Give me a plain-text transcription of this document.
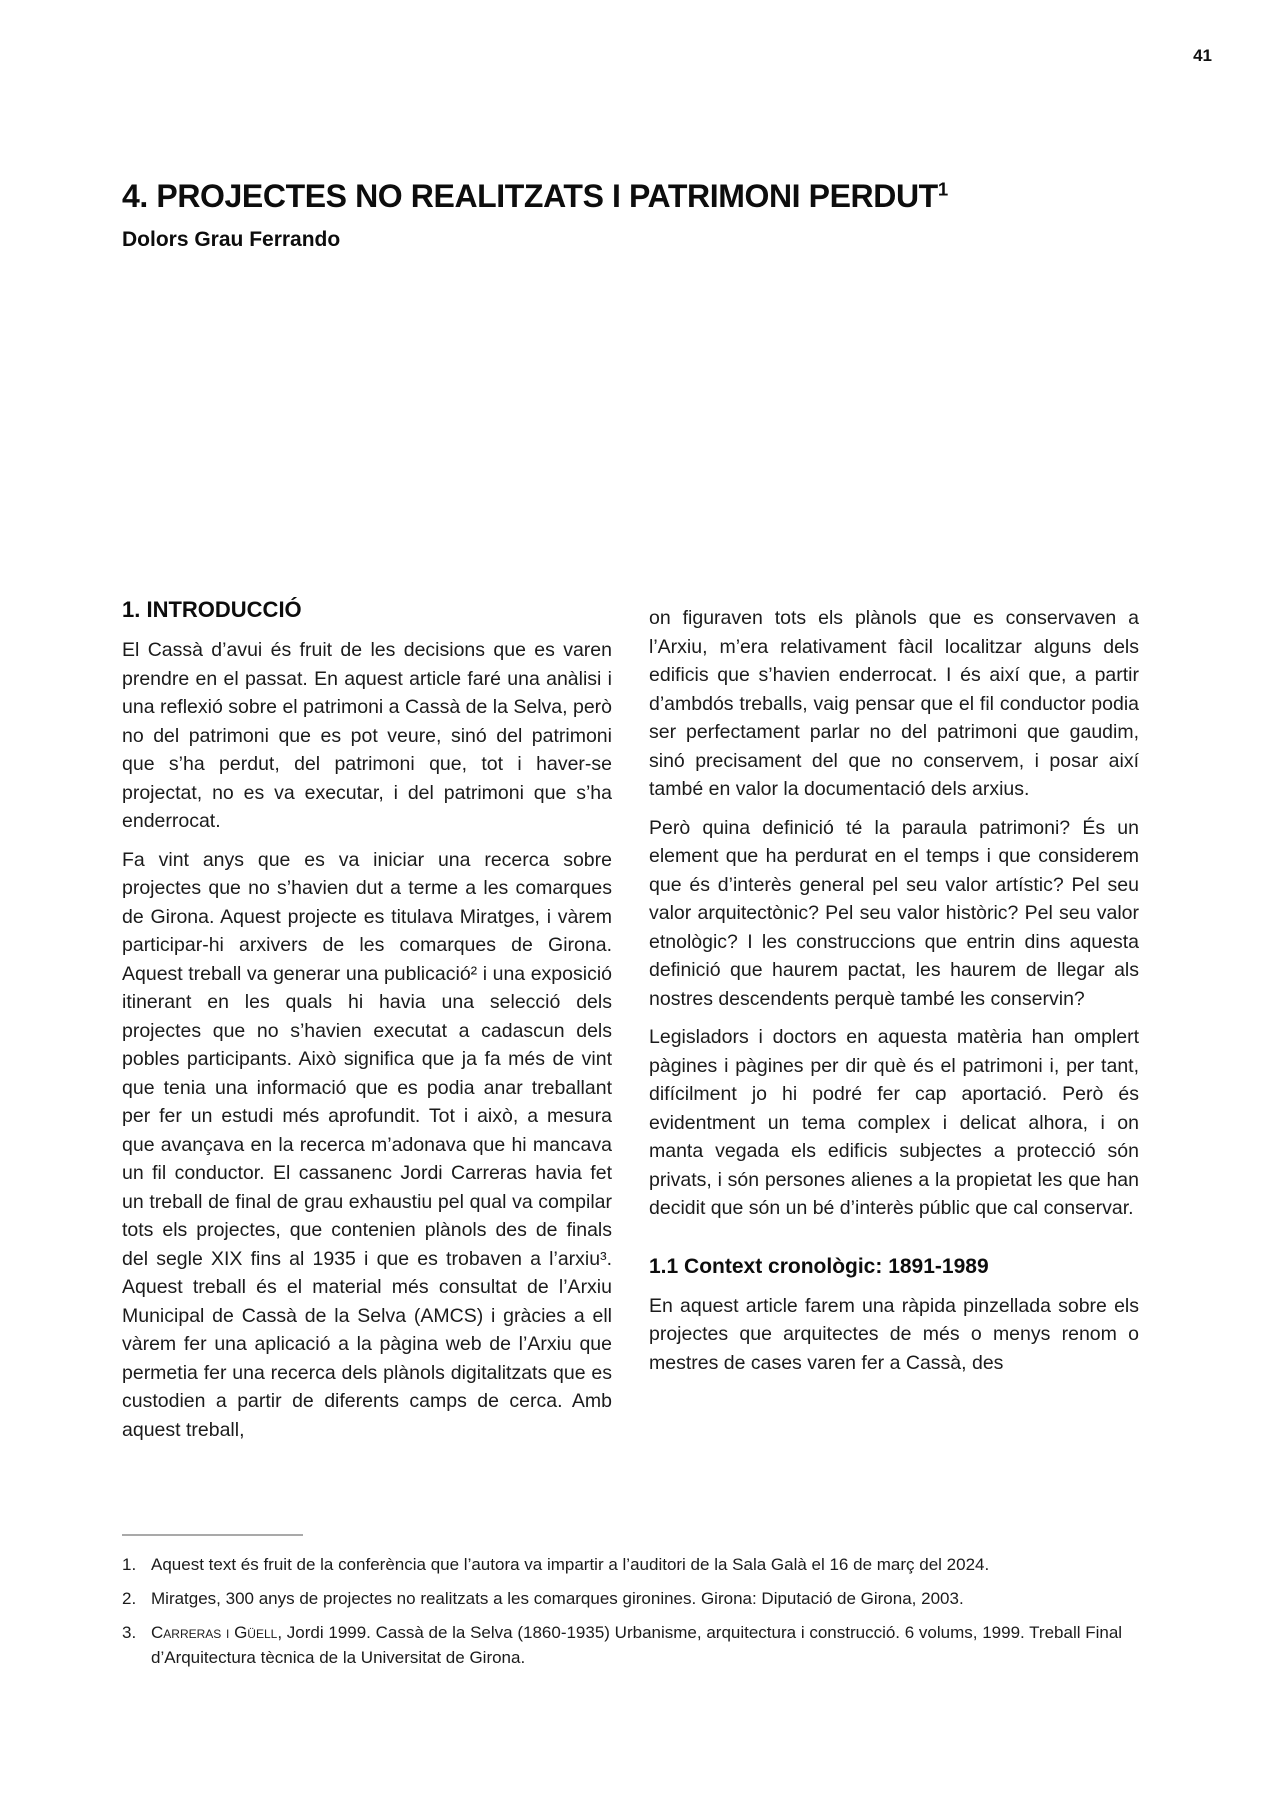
41
4. PROJECTES NO REALITZATS I PATRIMONI PERDUT$^1$
Dolors Grau Ferrando
1. INTRODUCCIÓ

El Cassà d’avui és fruit de les decisions que es varen prendre en el passat. En aquest article faré una anàlisi i una reflexió sobre el patrimoni a Cassà de la Selva, però no del patrimoni que es pot veure, sinó del patrimoni que s’ha perdut, del patrimoni que, tot i haver-se projectat, no es va executar, i del patrimoni que s’ha enderrocat.

Fa vint anys que es va iniciar una recerca sobre projectes que no s’havien dut a terme a les comarques de Girona. Aquest projecte es titulava Miratges, i vàrem participar-hi arxivers de les comarques de Girona. Aquest treball va generar una publicació² i una exposició itinerant en les quals hi havia una selecció dels projectes que no s’havien executat a cadascun dels pobles participants. Això significa que ja fa més de vint que tenia una informació que es podia anar treballant per fer un estudi més aprofundit. Tot i això, a mesura que avançava en la recerca m’adonava que hi mancava un fil conductor. El cassanenc Jordi Carreras havia fet un treball de final de grau exhaustiu pel qual va compilar tots els projectes, que contenien plànols des de finals del segle XIX fins al 1935 i que es trobaven a l’arxiu³. Aquest treball és el material més consultat de l’Arxiu Municipal de Cassà de la Selva (AMCS) i gràcies a ell vàrem fer una aplicació a la pàgina web de l’Arxiu que permetia fer una recerca dels plànols digitalitzats que es custodien a partir de diferents camps de cerca. Amb aquest treball,

on figuraven tots els plànols que es conservaven a l’Arxiu, m’era relativament fàcil localitzar alguns dels edificis que s’havien enderrocat. I és així que, a partir d’ambdós treballs, vaig pensar que el fil conductor podia ser perfectament parlar no del patrimoni que gaudim, sinó precisament del que no conservem, i posar així també en valor la documentació dels arxius.

Però quina definició té la paraula patrimoni? És un element que ha perdurat en el temps i que considerem que és d’interès general pel seu valor artístic? Pel seu valor arquitectònic? Pel seu valor històric? Pel seu valor etnològic? I les construccions que entrin dins aquesta definició que haurem pactat, les haurem de llegar als nostres descendents perquè també les conservin?

Legisladors i doctors en aquesta matèria han omplert pàgines i pàgines per dir què és el patrimoni i, per tant, difícilment jo hi podré fer cap aportació. Però és evidentment un tema complex i delicat alhora, i on manta vegada els edificis subjectes a protecció són privats, i són persones alienes a la propietat les que han decidit que són un bé d’interès públic que cal conservar.

1.1 Context cronològic: 1891-1989

En aquest article farem una ràpida pinzellada sobre els projectes que arquitectes de més o menys renom o mestres de cases varen fer a Cassà, des

1. Aquest text és fruit de la conferència que l’autora va impartir a l’auditori de la Sala Galà el 16 de març del 2024.
2. Miratges, 300 anys de projectes no realitzats a les comarques gironines. Girona: Diputació de Girona, 2003.
3. Carreras i Güell, Jordi 1999. Cassà de la Selva (1860-1935) Urbanisme, arquitectura i construcció. 6 volums, 1999. Treball Final d’Arquitectura tècnica de la Universitat de Girona.
